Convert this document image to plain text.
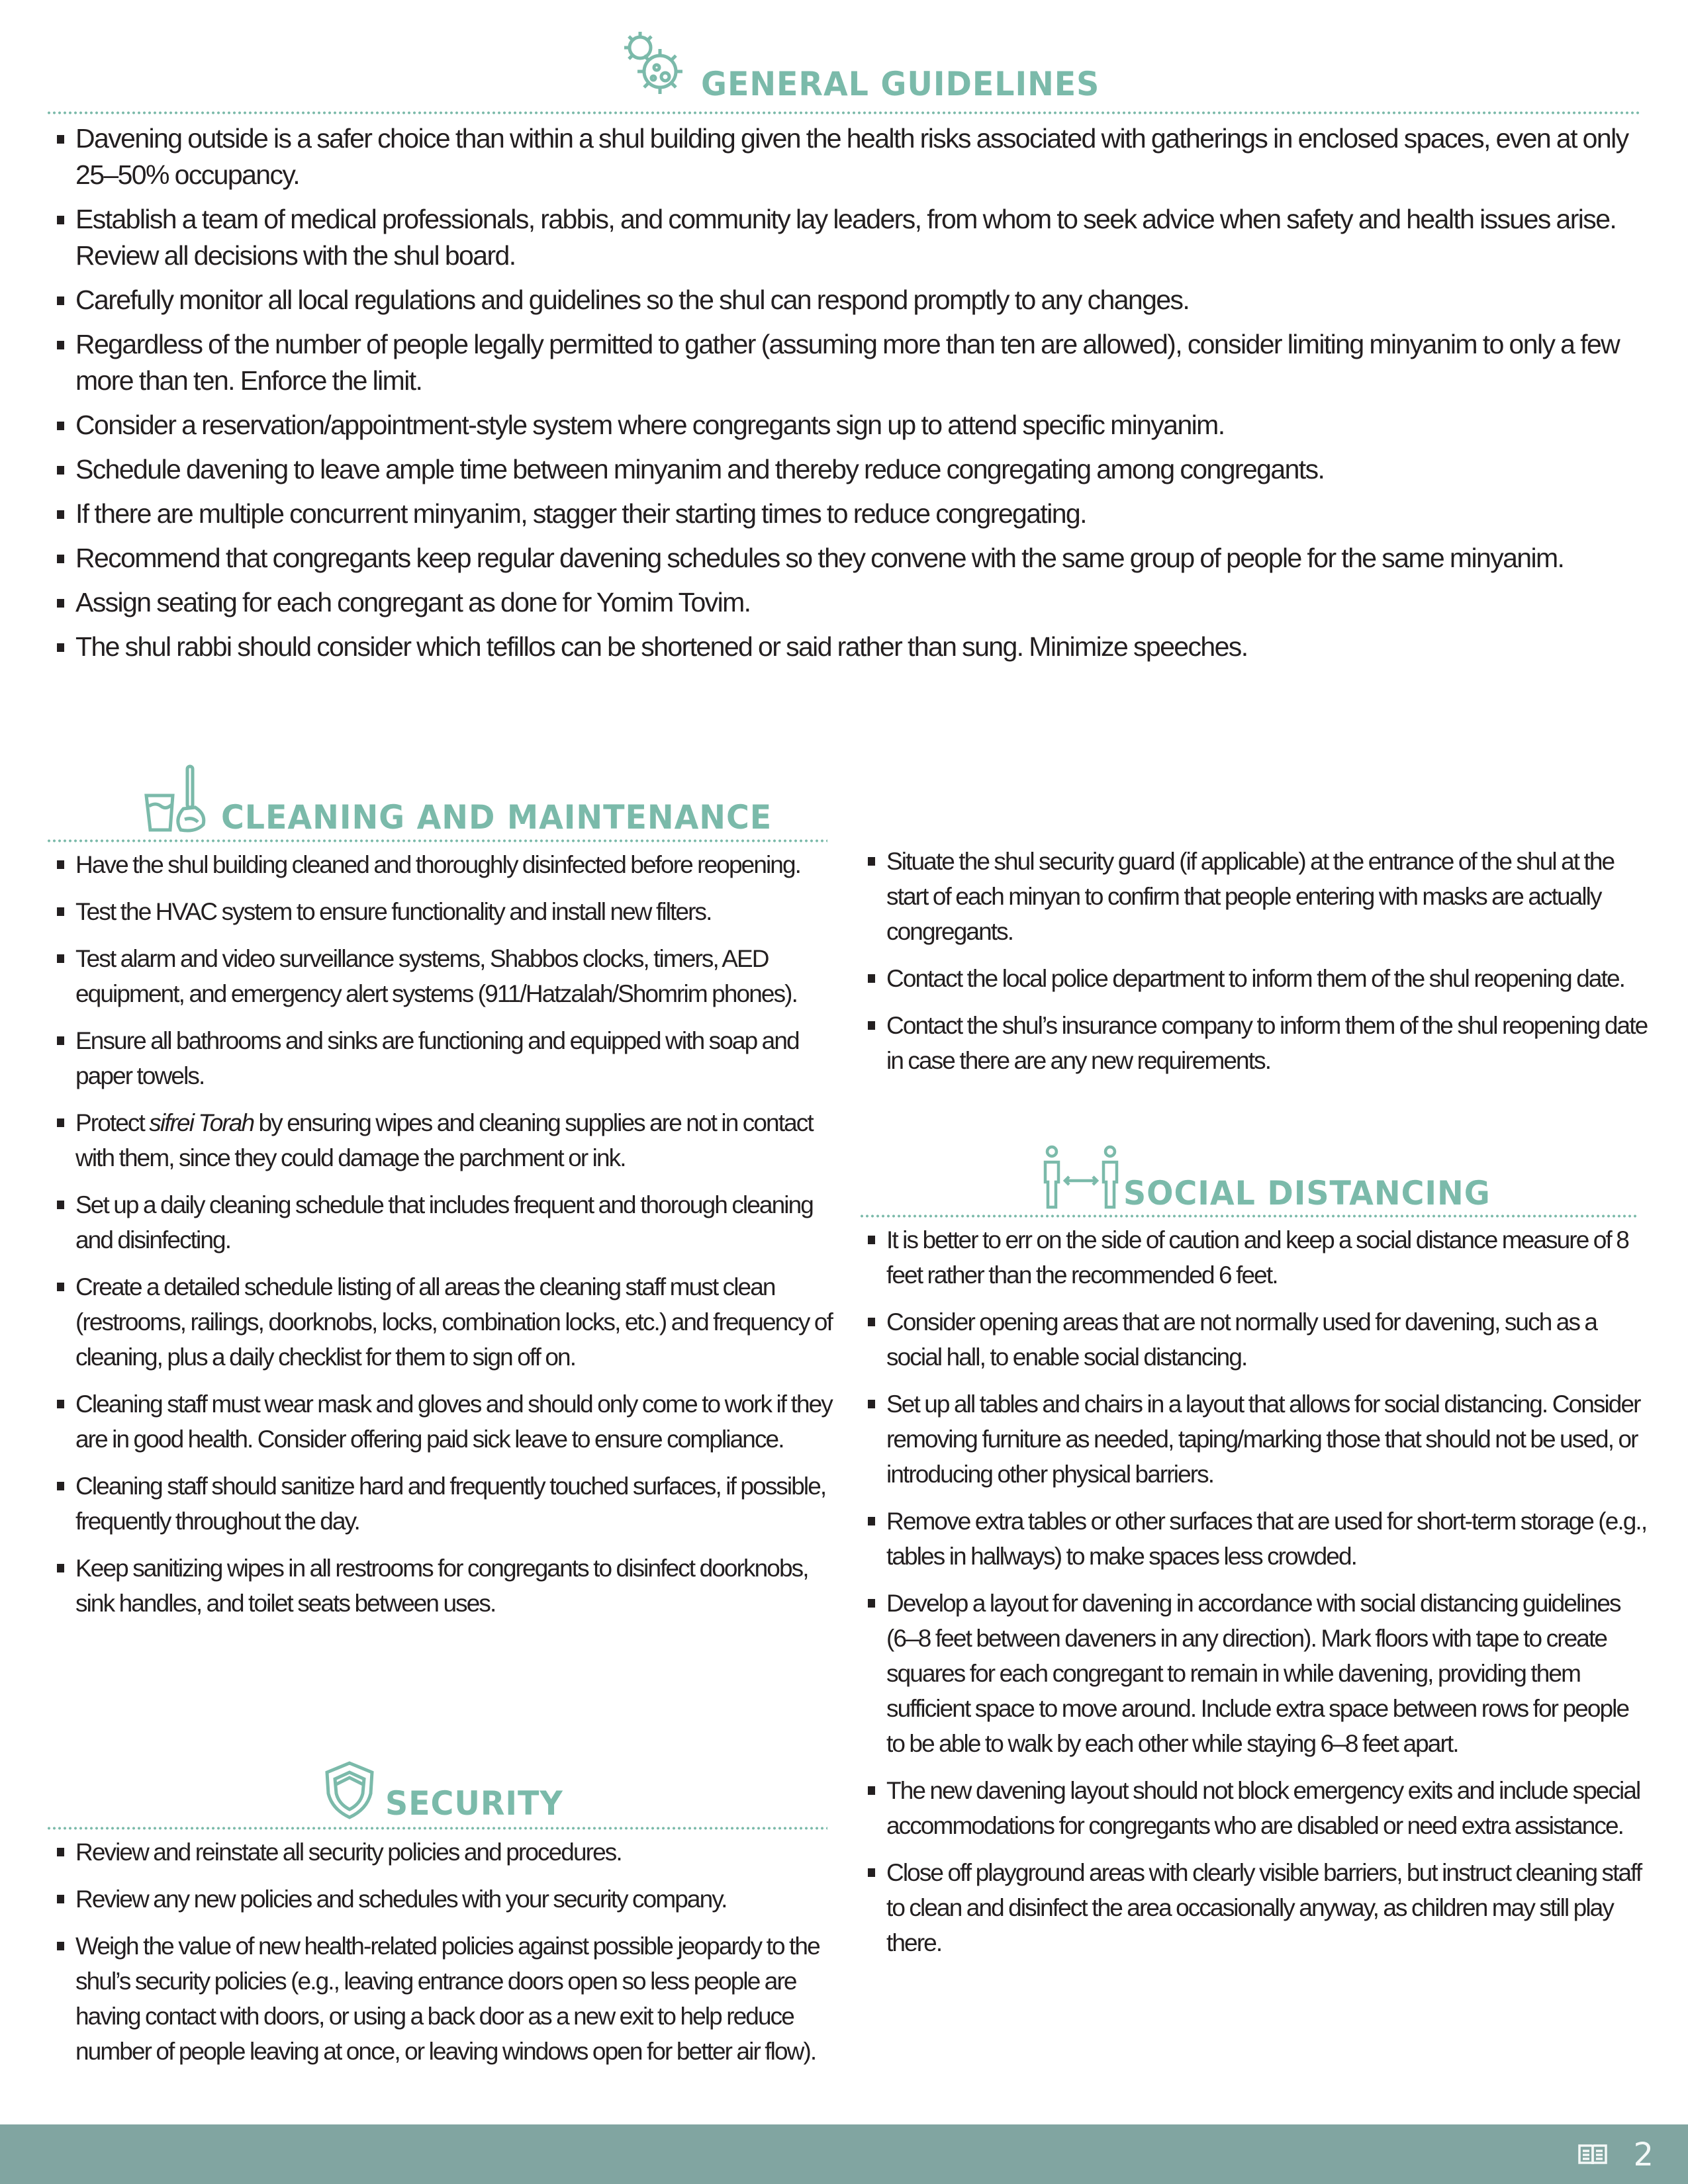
GENERAL GUIDELINES
Davening outside is a safer choice than within a shul building given the health risks associated with gatherings in enclosed spaces, even at only 25–50% occupancy.
Establish a team of medical professionals, rabbis, and community lay leaders, from whom to seek advice when safety and health issues arise. Review all decisions with the shul board.
Carefully monitor all local regulations and guidelines so the shul can respond promptly to any changes.
Regardless of the number of people legally permitted to gather (assuming more than ten are allowed), consider limiting minyanim to only a few more than ten. Enforce the limit.
Consider a reservation/appointment-style system where congregants sign up to attend specific minyanim.
Schedule davening to leave ample time between minyanim and thereby reduce congregating among congregants.
If there are multiple concurrent minyanim, stagger their starting times to reduce congregating.
Recommend that congregants keep regular davening schedules so they convene with the same group of people for the same minyanim.
Assign seating for each congregant as done for Yomim Tovim.
The shul rabbi should consider which tefillos can be shortened or said rather than sung. Minimize speeches.
CLEANING AND MAINTENANCE
Have the shul building cleaned and thoroughly disinfected before reopening.
Test the HVAC system to ensure functionality and install new filters.
Test alarm and video surveillance systems, Shabbos clocks, timers, AED equipment, and emergency alert systems (911/Hatzalah/Shomrim phones).
Ensure all bathrooms and sinks are functioning and equipped with soap and paper towels.
Protect sifrei Torah by ensuring wipes and cleaning supplies are not in contact with them, since they could damage the parchment or ink.
Set up a daily cleaning schedule that includes frequent and thorough cleaning and disinfecting.
Create a detailed schedule listing of all areas the cleaning staff must clean (restrooms, railings, doorknobs, locks, combination locks, etc.) and frequency of cleaning, plus a daily checklist for them to sign off on.
Cleaning staff must wear mask and gloves and should only come to work if they are in good health. Consider offering paid sick leave to ensure compliance.
Cleaning staff should sanitize hard and frequently touched surfaces, if possible, frequently throughout the day.
Keep sanitizing wipes in all restrooms for congregants to disinfect doorknobs, sink handles, and toilet seats between uses.
SECURITY
Review and reinstate all security policies and procedures.
Review any new policies and schedules with your security company.
Weigh the value of new health-related policies against possible jeopardy to the shul’s security policies (e.g., leaving entrance doors open so less people are having contact with doors, or using a back door as a new exit to help reduce number of people leaving at once, or leaving windows open for better air flow).
Situate the shul security guard (if applicable) at the entrance of the shul at the start of each minyan to confirm that people entering with masks are actually congregants.
Contact the local police department to inform them of the shul reopening date.
Contact the shul’s insurance company to inform them of the shul reopening date in case there are any new requirements.
SOCIAL DISTANCING
It is better to err on the side of caution and keep a social distance measure of 8 feet rather than the recommended 6 feet.
Consider opening areas that are not normally used for davening, such as a social hall, to enable social distancing.
Set up all tables and chairs in a layout that allows for social distancing. Consider removing furniture as needed, taping/marking those that should not be used, or introducing other physical barriers.
Remove extra tables or other surfaces that are used for short-term storage (e.g., tables in hallways) to make spaces less crowded.
Develop a layout for davening in accordance with social distancing guidelines (6–8 feet between daveners in any direction). Mark floors with tape to create squares for each congregant to remain in while davening, providing them sufficient space to move around. Include extra space between rows for people to be able to walk by each other while staying 6–8 feet apart.
The new davening layout should not block emergency exits and include special accommodations for congregants who are disabled or need extra assistance.
Close off playground areas with clearly visible barriers, but instruct cleaning staff to clean and disinfect the area occasionally anyway, as children may still play there.
2
